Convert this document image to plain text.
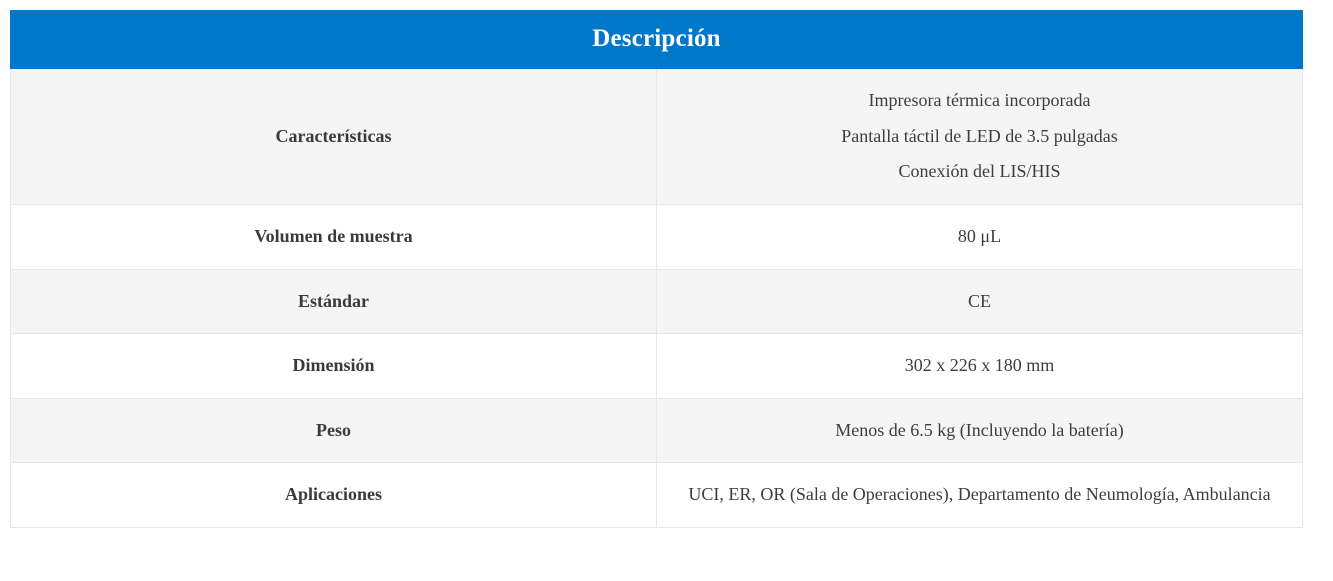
Descripción	
Características	Impresora térmica incorporada
Pantalla táctil de LED de 3.5 pulgadas
Conexión del LIS/HIS

Volumen de muestra	80 μL

Estándar	CE

Dimensión	302 x 226 x 180 mm

Peso	Menos de 6.5 kg (Incluyendo la batería)

Aplicaciones	UCI, ER, OR (Sala de Operaciones), Departamento de Neumología, Ambulancia
